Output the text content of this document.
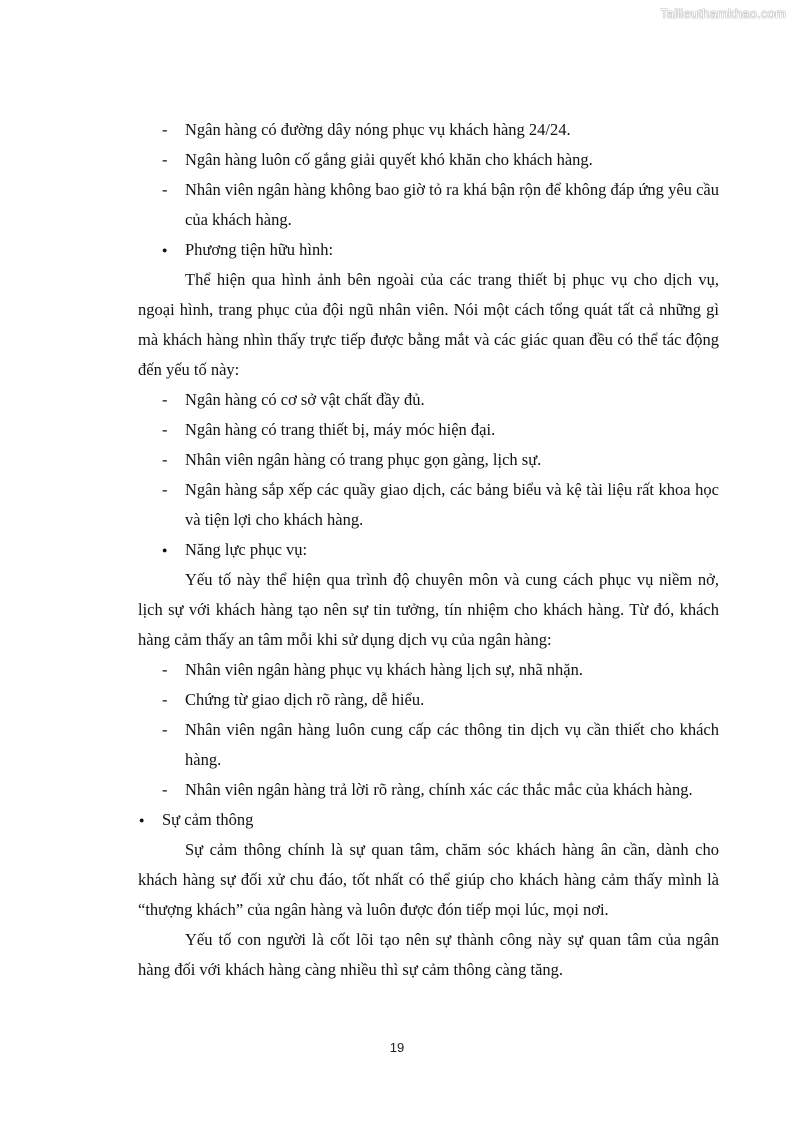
Tailieuthamkhao.com

- Ngân hàng có đường dây nóng phục vụ khách hàng 24/24.

- Ngân hàng luôn cố gắng giải quyết khó khăn cho khách hàng.

- Nhân viên ngân hàng không bao giờ tỏ ra khá bận rộn để không đáp ứng yêu cầu của khách hàng.

● Phương tiện hữu hình:

Thể hiện qua hình ảnh bên ngoài của các trang thiết bị phục vụ cho dịch vụ, ngoại hình, trang phục của đội ngũ nhân viên. Nói một cách tổng quát tất cả những gì mà khách hàng nhìn thấy trực tiếp được bằng mắt và các giác quan đều có thể tác động đến yếu tố này:

- Ngân hàng có cơ sở vật chất đầy đủ.

- Ngân hàng có trang thiết bị, máy móc hiện đại.

- Nhân viên ngân hàng có trang phục gọn gàng, lịch sự.

- Ngân hàng sắp xếp các quầy giao dịch, các bảng biểu và kệ tài liệu rất khoa học và tiện lợi cho khách hàng.

● Năng lực phục vụ:

Yếu tố này thể hiện qua trình độ chuyên môn và cung cách phục vụ niềm nở, lịch sự với khách hàng tạo nên sự tin tưởng, tín nhiệm cho khách hàng. Từ đó, khách hàng cảm thấy an tâm mỗi khi sử dụng dịch vụ của ngân hàng:

- Nhân viên ngân hàng phục vụ khách hàng lịch sự, nhã nhặn.

- Chứng từ giao dịch rõ ràng, dễ hiểu.

- Nhân viên ngân hàng luôn cung cấp các thông tin dịch vụ cần thiết cho khách hàng.

- Nhân viên ngân hàng trả lời rõ ràng, chính xác các thắc mắc của khách hàng.

● Sự cảm thông

Sự cảm thông chính là sự quan tâm, chăm sóc khách hàng ân cần, dành cho khách hàng sự đối xử chu đáo, tốt nhất có thể giúp cho khách hàng cảm thấy mình là “thượng khách” của ngân hàng và luôn được đón tiếp mọi lúc, mọi nơi.

Yếu tố con người là cốt lõi tạo nên sự thành công này sự quan tâm của ngân hàng đối với khách hàng càng nhiều thì sự cảm thông càng tăng.

19
